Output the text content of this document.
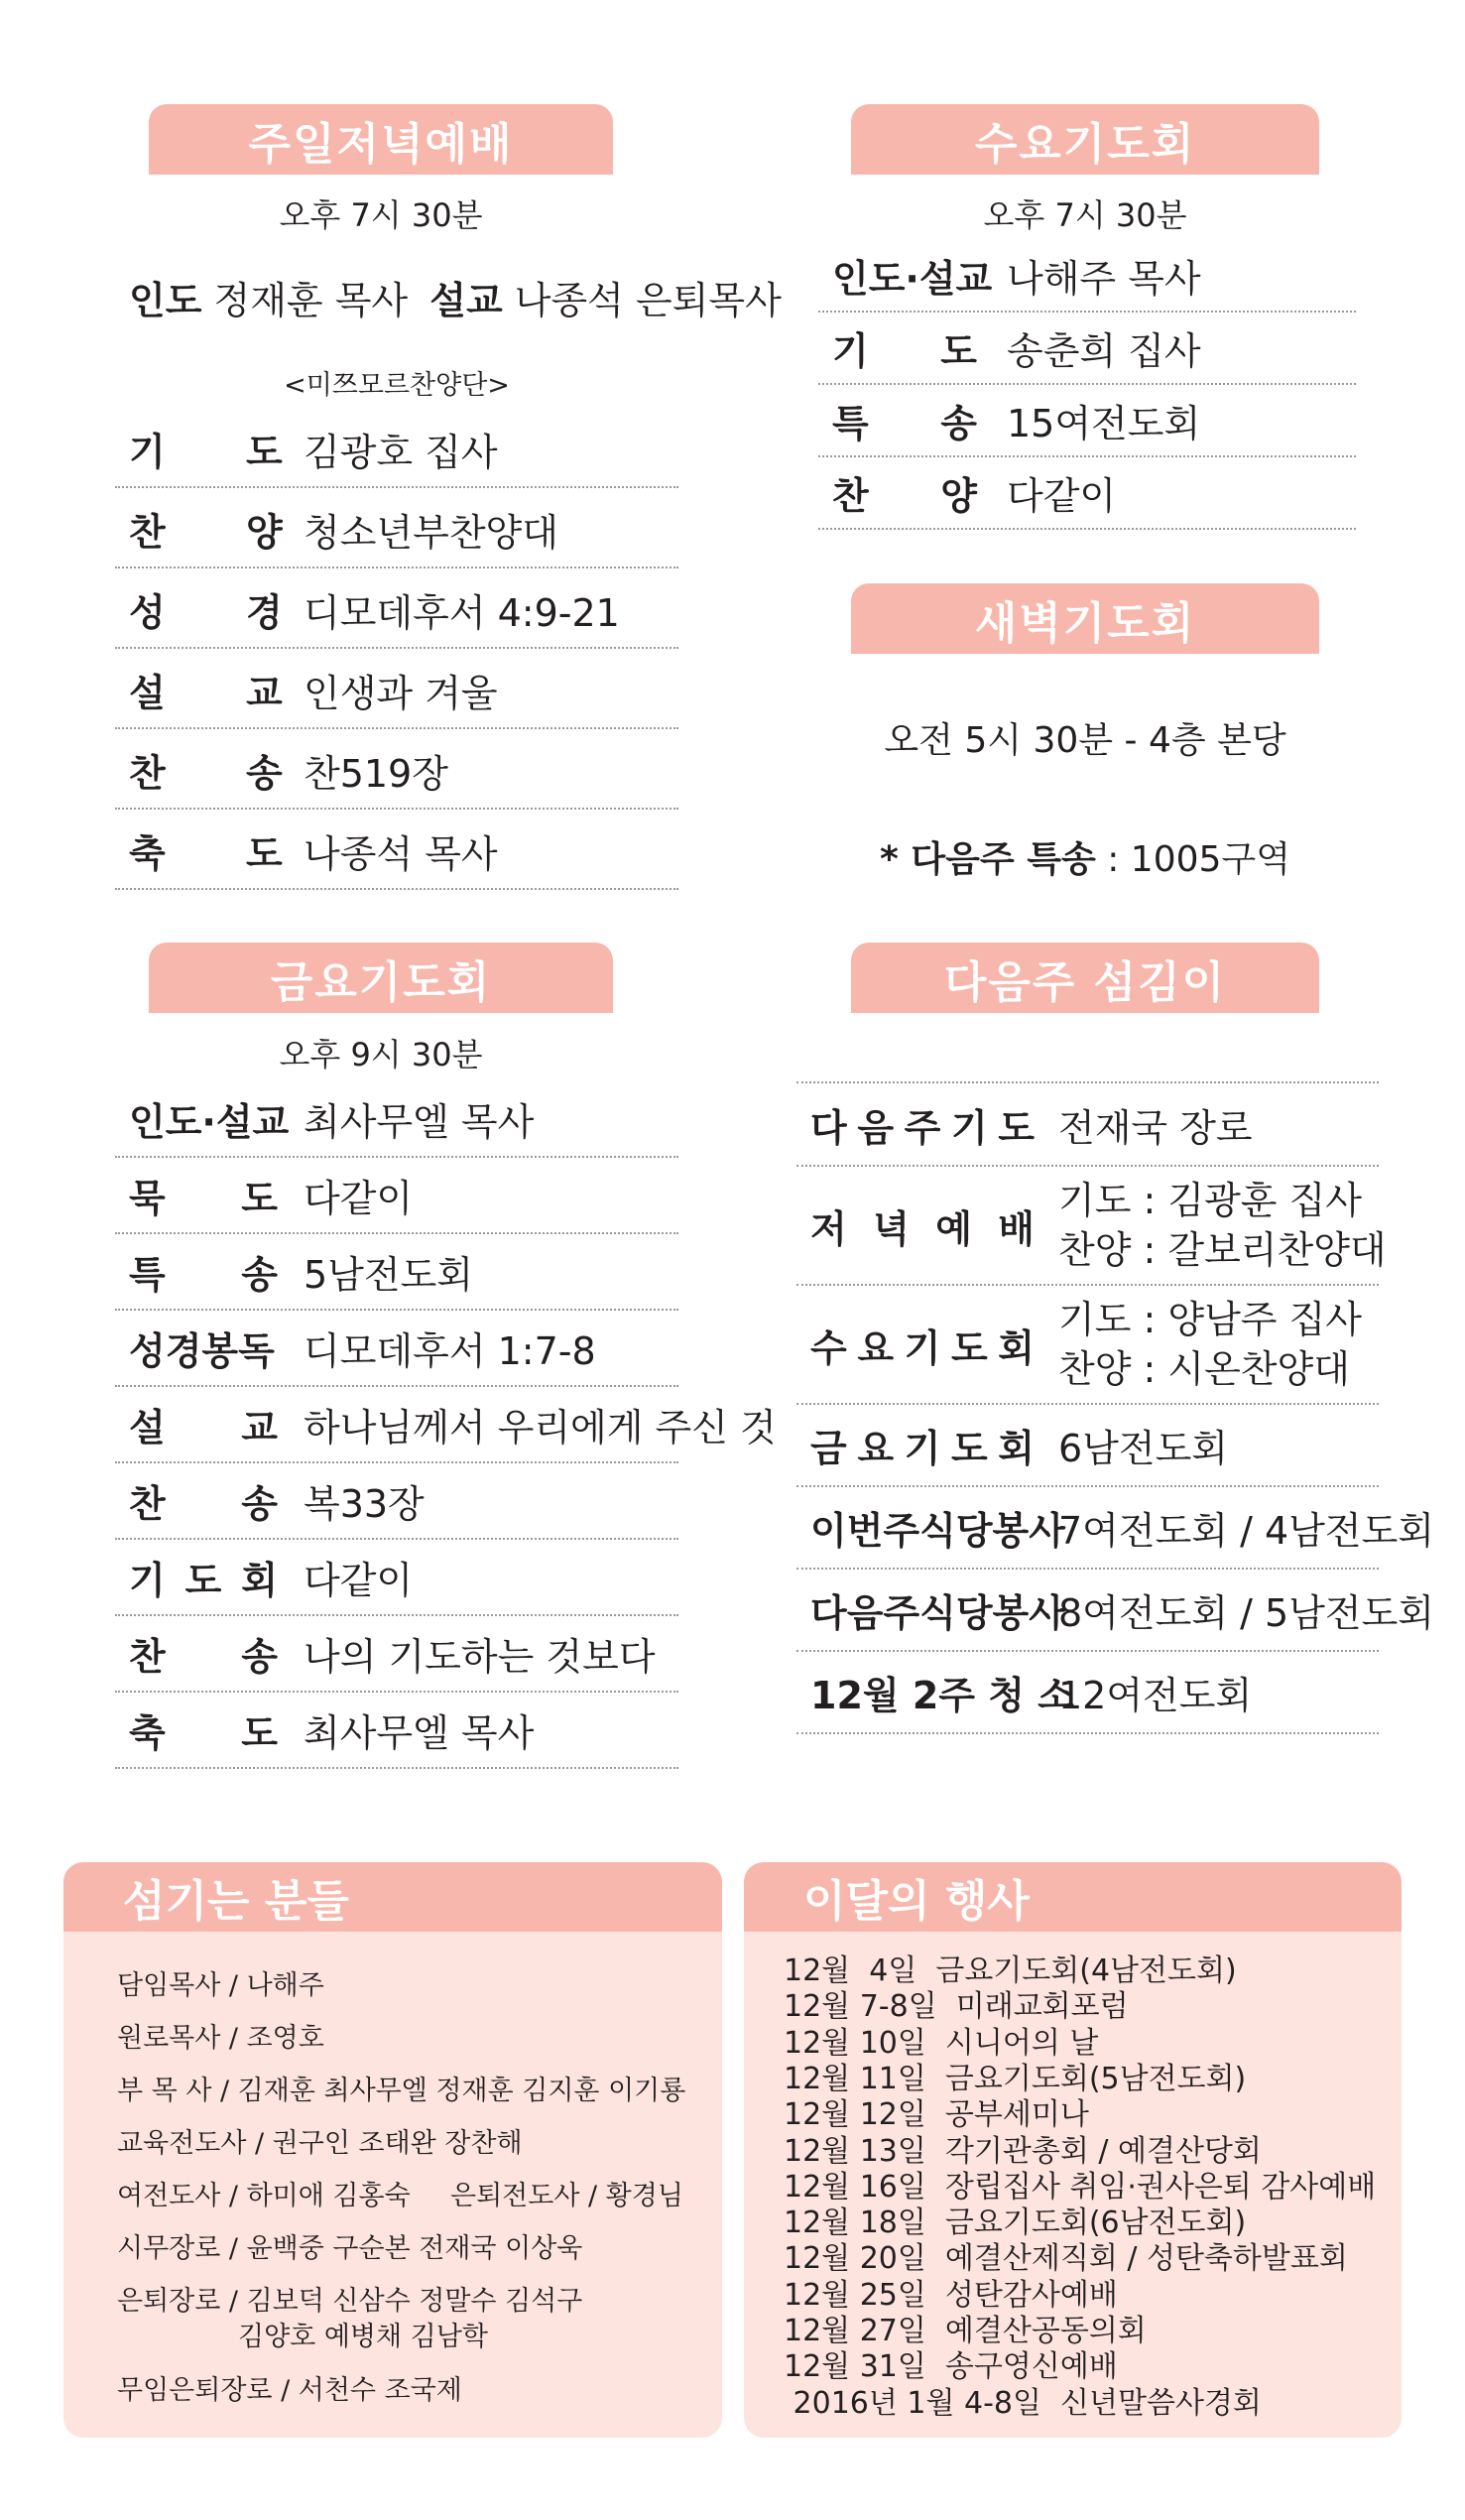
주일저녁예배
오후 7시 30분
인도 정재훈 목사 설교 나종석 은퇴목사
<미쯔모르찬양단>
기 도 김광호 집사
찬 양 청소년부찬양대
성 경 디모데후서 4:9-21
설 교 인생과 겨울
찬 송 찬519장
축 도 나종석 목사
수요기도회
오후 7시 30분
인도·설교 나해주 목사
기 도 송춘희 집사
특 송 15여전도회
찬 양 다같이
새벽기도회
오전 5시 30분 - 4층 본당
* 다음주 특송 : 1005구역
금요기도회
오후 9시 30분
인도·설교 최사무엘 목사
묵 도 다같이
특 송 5남전도회
성경봉독 디모데후서 1:7-8
설 교 하나님께서 우리에게 주신 것
찬 송 복33장
기 도 회 다같이
찬 송 나의 기도하는 것보다
축 도 최사무엘 목사
다음주 섬김이
다 음 주 기 도 전재국 장로
저 녁 예 배
기도 : 김광훈 집사
찬양 : 갈보리찬양대
수 요 기 도 회
기도 : 양남주 집사
찬양 : 시온찬양대
금 요 기 도 회 6남전도회
이번주식당봉사
7여전도회 / 4남전도회
다음주식당봉사
8여전도회 / 5남전도회
12월 2주 청 소
12여전도회
섬기는 분들
담임목사 / 나해주
원로목사 / 조영호
부 목 사 / 김재훈 최사무엘 정재훈 김지훈 이기룡
교육전도사 / 권구인 조태완 장찬해
여전도사 / 하미애 김홍숙 은퇴전도사 / 황경님
시무장로 / 윤백중 구순본 전재국 이상욱
은퇴장로 / 김보덕 신삼수 정말수 김석구
김양호 예병채 김남학
무임은퇴장로 / 서천수 조국제
이달의 행사
12월  4일  금요기도회(4남전도회)
12월 7-8일  미래교회포럼
12월 10일  시니어의 날
12월 11일  금요기도회(5남전도회)
12월 12일  공부세미나
12월 13일  각기관총회 / 예결산당회
12월 16일  장립집사 취임·권사은퇴 감사예배
12월 18일  금요기도회(6남전도회)
12월 20일  예결산제직회 / 성탄축하발표회
12월 25일  성탄감사예배
12월 27일  예결산공동의회
12월 31일  송구영신예배
2016년 1월 4-8일  신년말씀사경회
